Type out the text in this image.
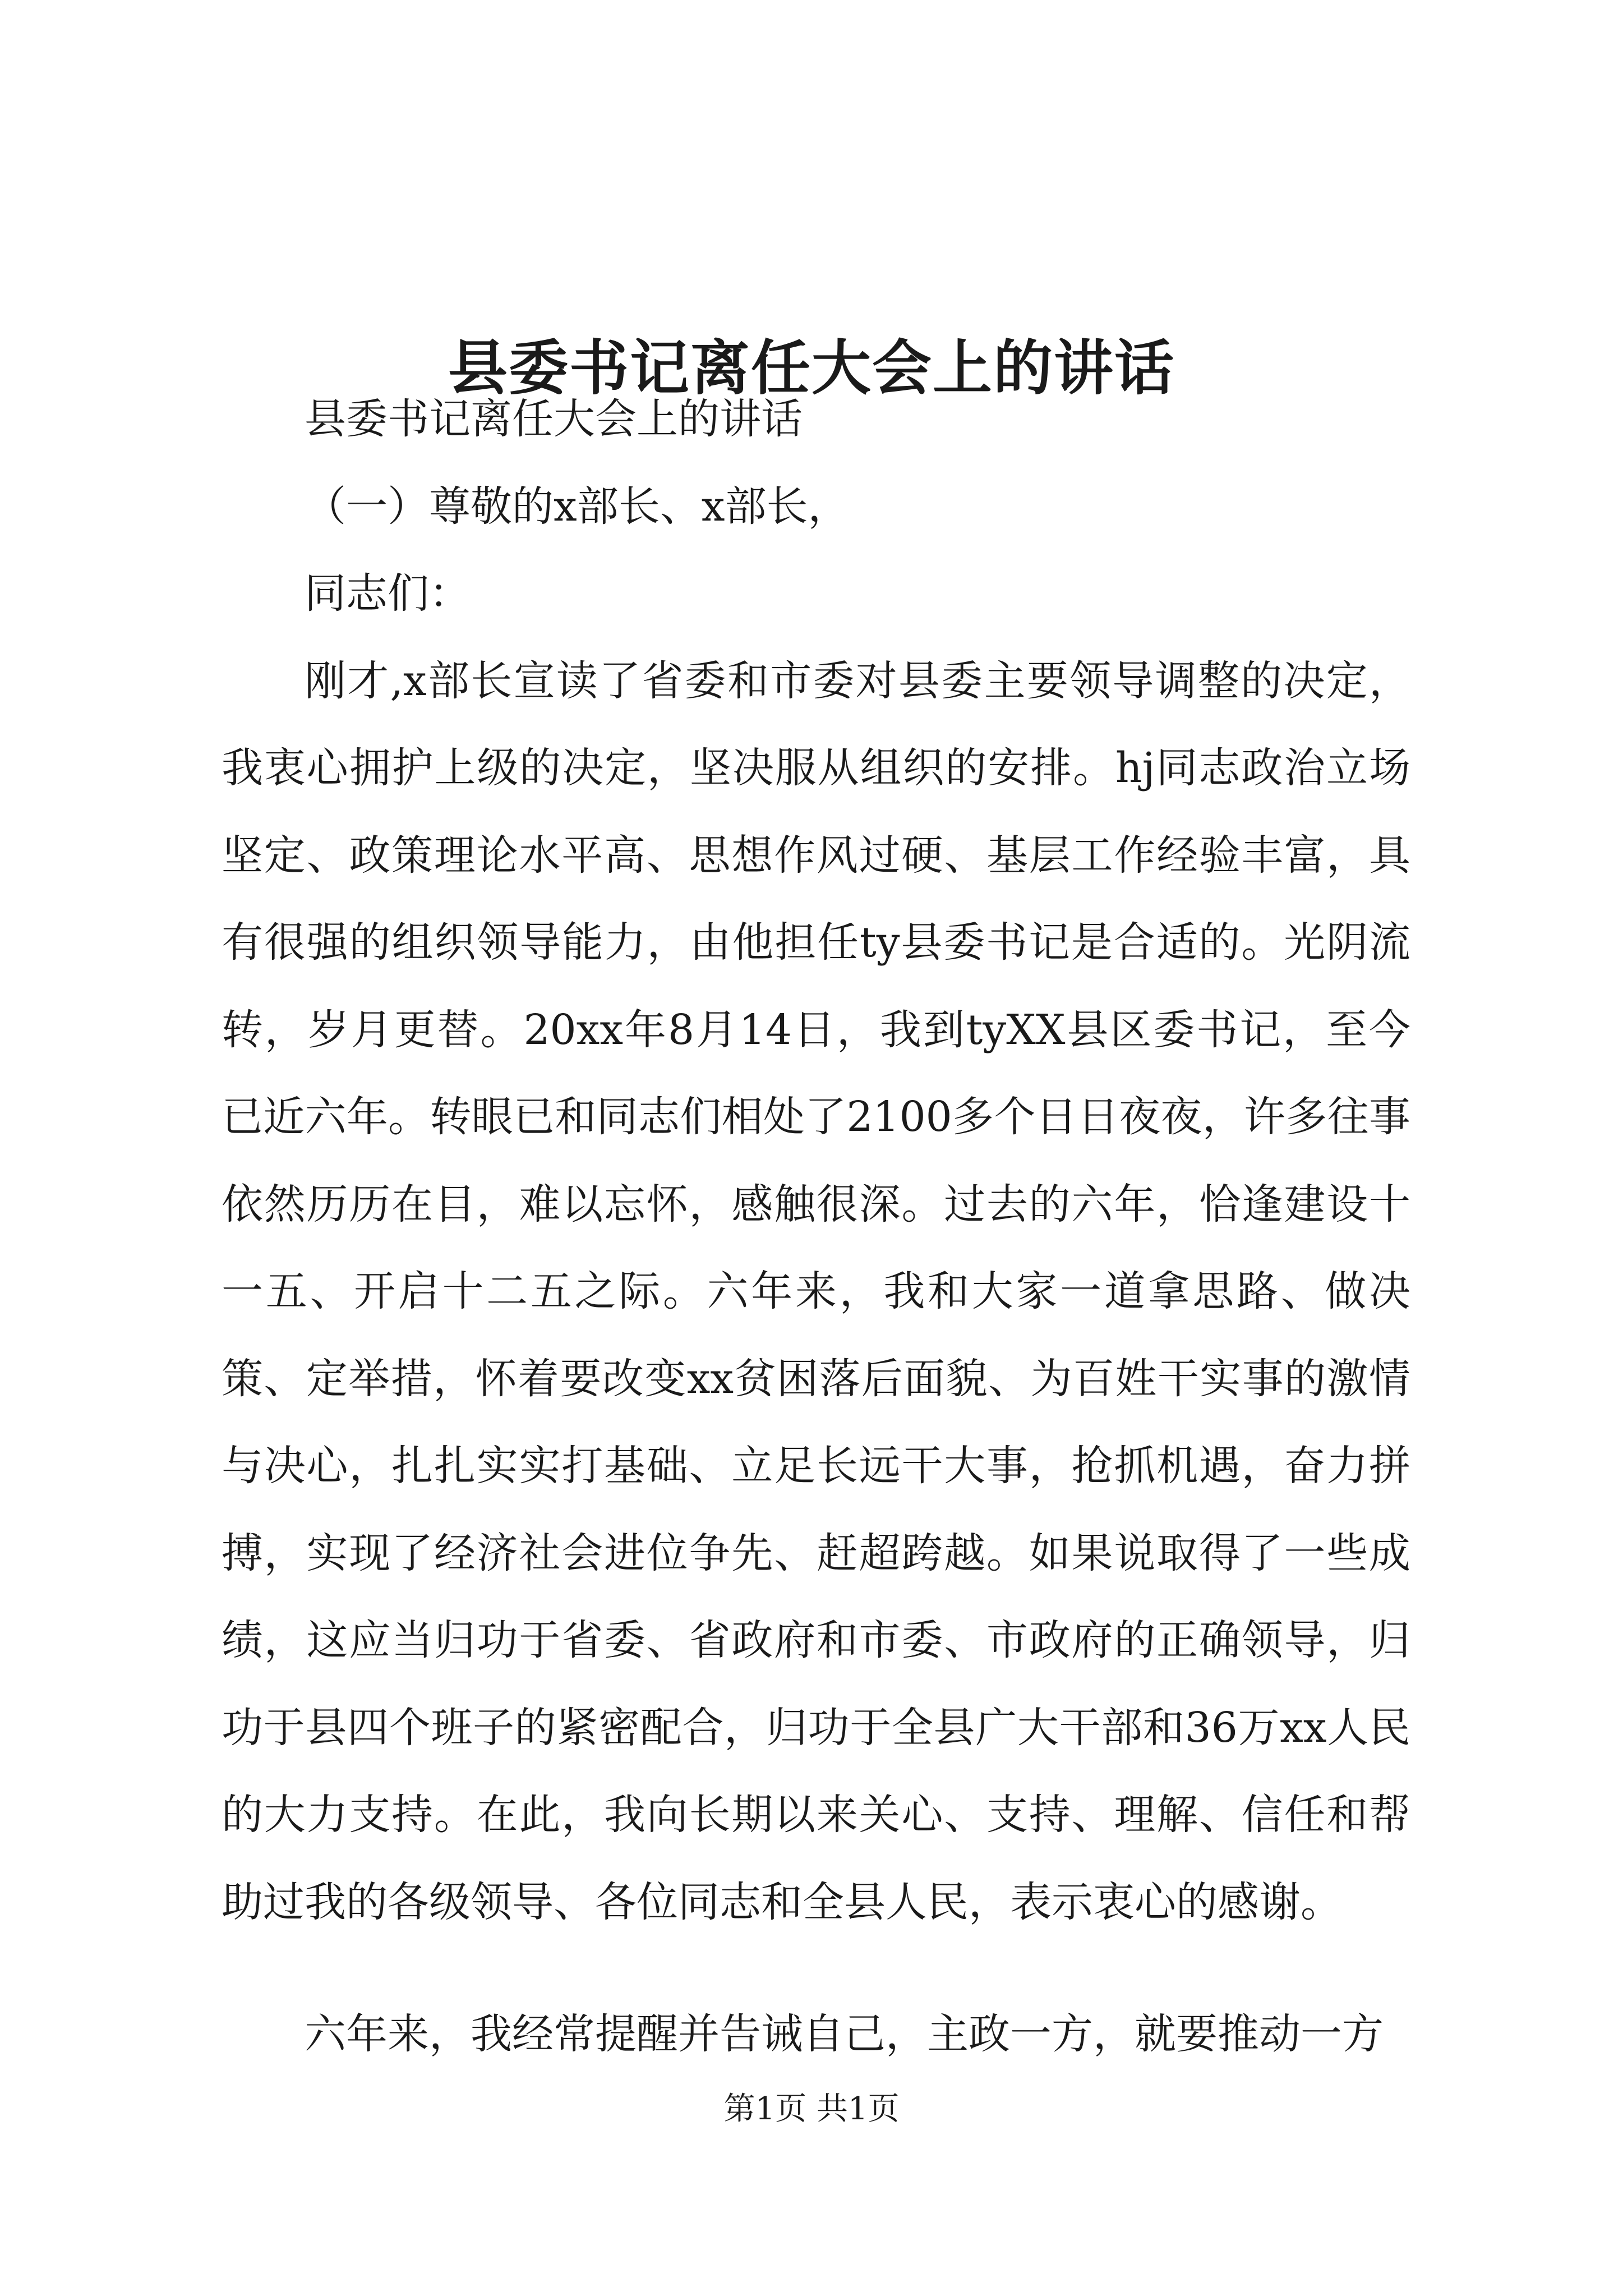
县委书记离任大会上的讲话

县委书记离任大会上的讲话

（一）尊敬的x部长、x部长，

同志们：

刚才,x部长宣读了省委和市委对县委主要领导调整的决定，我衷心拥护上级的决定，坚决服从组织的安排。hj同志政治立场坚定、政策理论水平高、思想作风过硬、基层工作经验丰富，具有很强的组织领导能力，由他担任ty县委书记是合适的。光阴流转，岁月更替。20xx年8月14日，我到tyXX县区委书记，至今已近六年。转眼已和同志们相处了2100多个日日夜夜，许多往事依然历历在目，难以忘怀，感触很深。过去的六年，恰逢建设十一五、开启十二五之际。六年来，我和大家一道拿思路、做决策、定举措，怀着要改变xx贫困落后面貌、为百姓干实事的激情与决心，扎扎实实打基础、立足长远干大事，抢抓机遇，奋力拼搏，实现了经济社会进位争先、赶超跨越。如果说取得了一些成绩，这应当归功于省委、省政府和市委、市政府的正确领导，归功于县四个班子的紧密配合，归功于全县广大干部和36万xx人民的大力支持。在此，我向长期以来关心、支持、理解、信任和帮助过我的各级领导、各位同志和全县人民，表示衷心的感谢。

六年来，我经常提醒并告诫自己，主政一方，就要推动一方

第1页 共1页
